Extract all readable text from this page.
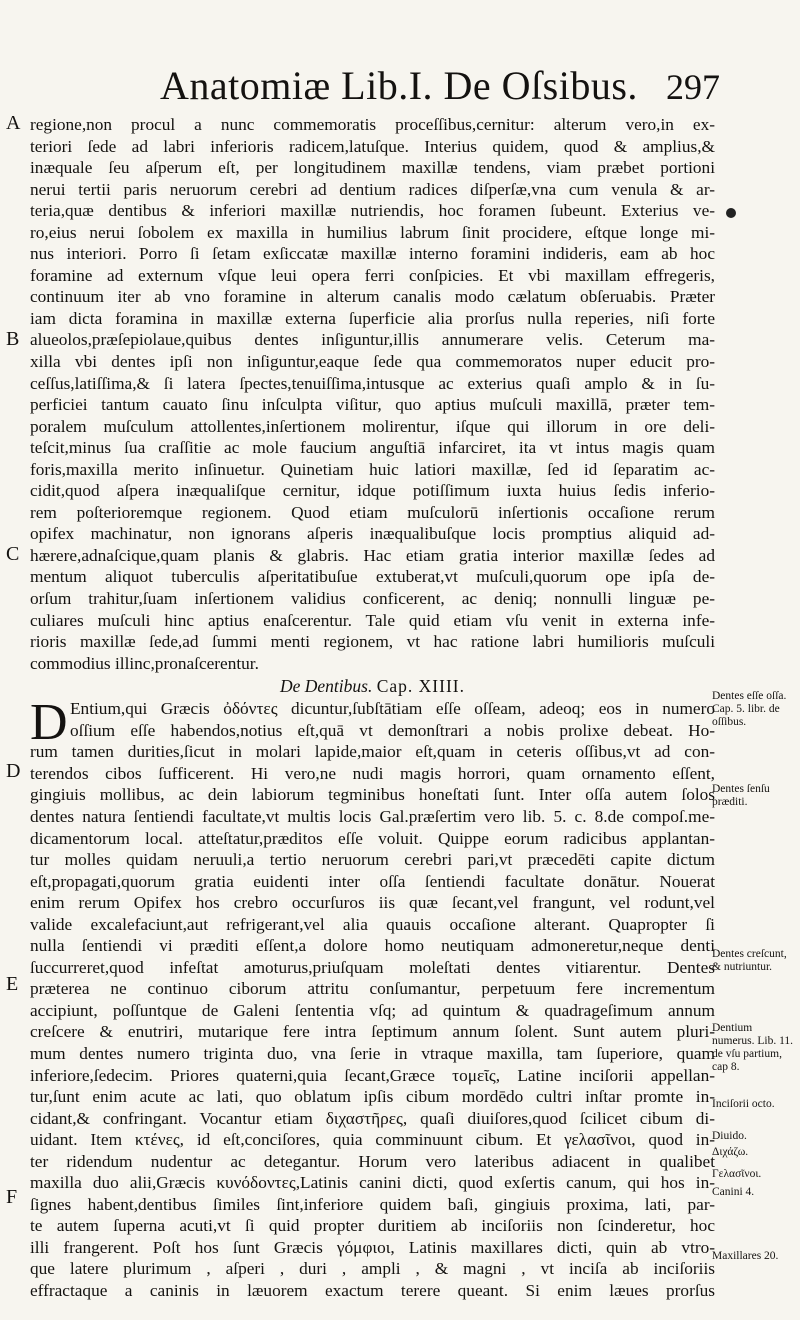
Anatomiæ Lib.I. De Oſsibus. 297
A
B
C
D
E
F
regione,non procul a nunc commemoratis proceſſibus,cernitur: alterum vero,in ex-
teriori ſede ad labri inferioris radicem,latuſque. Interius quidem, quod & amplius,&
inæquale ſeu aſperum eſt, per longitudinem maxillæ tendens, viam præbet portioni
nerui tertii paris neruorum cerebri ad dentium radices diſperſæ,vna cum venula & ar-
teria,quæ dentibus & inferiori maxillæ nutriendis, hoc foramen ſubeunt. Exterius ve-
ro,eius nerui ſobolem ex maxilla in humilius labrum ſinit procidere, eſtque longe mi-
nus interiori. Porro ſi ſetam exſiccatæ maxillæ interno foramini indideris, eam ab hoc
foramine ad externum vſque leui opera ferri conſpicies. Et vbi maxillam effregeris,
continuum iter ab vno foramine in alterum canalis modo cælatum obſeruabis. Præter
iam dicta foramina in maxillæ externa ſuperficie alia prorſus nulla reperies, niſi forte
alueolos,præſepiolaue,quibus dentes inſiguntur,illis annumerare velis. Ceterum ma-
xilla vbi dentes ipſi non inſiguntur,eaque ſede qua commemoratos nuper educit pro-
ceſſus,latiſſima,& ſi latera ſpectes,tenuiſſima,intusque ac exterius quaſi amplo & in ſu-
perficiei tantum cauato ſinu inſculpta viſitur, quo aptius muſculi maxillā, præter tem-
poralem muſculum attollentes,inſertionem molirentur, iſque qui illorum in ore deli-
teſcit,minus ſua craſſitie ac mole faucium anguſtiā infarciret, ita vt intus magis quam
foris,maxilla merito inſinuetur. Quinetiam huic latiori maxillæ, ſed id ſeparatim ac-
cidit,quod aſpera inæqualiſque cernitur, idque potiſſimum iuxta huius ſedis inferio-
rem poſterioremque regionem. Quod etiam muſculorū inſertionis occaſione rerum
opifex machinatur, non ignorans aſperis inæqualibuſque locis promptius aliquid ad-
hærere,adnaſcique,quam planis & glabris. Hac etiam gratia interior maxillæ ſedes ad
mentum aliquot tuberculis aſperitatibuſue extuberat,vt muſculi,quorum ope ipſa de-
orſum trahitur,ſuam inſertionem validius conficerent, ac deniq; nonnulli linguæ pe-
culiares muſculi hinc aptius enaſcerentur. Tale quid etiam vſu venit in externa infe-
rioris maxillæ ſede,ad ſummi menti regionem, vt hac ratione labri humilioris muſculi
commodius illinc,pronaſcerentur.
De Dentibus. Cap. XIIII.
D Entium,qui Græcis ὀδόντες dicuntur,ſubſtātiam eſſe oſſeam, adeoq; eos in numero
oſſium eſſe habendos,notius eſt,quā vt demonſtrari a nobis prolixe debeat. Ho-
rum tamen durities,ſicut in molari lapide,maior eſt,quam in ceteris oſſibus,vt ad con-
terendos cibos ſufficerent. Hi vero,ne nudi magis horrori, quam ornamento eſſent,
gingiuis mollibus, ac dein labiorum tegminibus honeſtati ſunt. Inter oſſa autem ſolos
dentes natura ſentiendi facultate,vt multis locis Gal.præſertim vero lib. 5. c. 8.de compoſ.me-
dicamentorum local. atteſtatur,præditos eſſe voluit. Quippe eorum radicibus applantan-
tur molles quidam neruuli,a tertio neruorum cerebri pari,vt præcedēti capite dictum
eſt,propagati,quorum gratia euidenti inter oſſa ſentiendi facultate donātur. Nouerat
enim rerum Opifex hos crebro occurſuros iis quæ ſecant,vel frangunt, vel rodunt,vel
valide excalefaciunt,aut refrigerant,vel alia quauis occaſione alterant. Quapropter ſi
nulla ſentiendi vi præditi eſſent,a dolore homo neutiquam admoneretur,neque denti
ſuccurreret,quod infeſtat amoturus,priuſquam moleſtati dentes vitiarentur. Dentes
præterea ne continuo ciborum attritu conſumantur, perpetuum fere incrementum
accipiunt, poſſuntque de Galeni ſententia vſq; ad quintum & quadrageſimum annum
creſcere & enutriri, mutarique fere intra ſeptimum annum ſolent. Sunt autem pluri-
mum dentes numero triginta duo, vna ſerie in vtraque maxilla, tam ſuperiore, quam
inferiore,ſedecim. Priores quaterni,quia ſecant,Græce τομεῖς, Latine inciſorii appellan-
tur,ſunt enim acute ac lati, quo oblatum ipſis cibum mordēdo cultri inſtar promte in-
cidant,& confringant. Vocantur etiam διχαστῆρες, quaſi diuiſores,quod ſcilicet cibum di-
uidant. Item κτένες, id eſt,conciſores, quia comminuunt cibum. Et γελασῖνοι, quod in-
ter ridendum nudentur ac detegantur. Horum vero lateribus adiacent in qualibet
maxilla duo alii,Græcis κυνόδοντες,Latinis canini dicti, quod exſertis canum, qui hos in-
ſignes habent,dentibus ſimiles ſint,inferiore quidem baſi, gingiuis proxima, lati, par-
te autem ſuperna acuti,vt ſi quid propter duritiem ab inciſoriis non ſcinderetur, hoc
illi frangerent. Poſt hos ſunt Græcis γόμφιοι, Latinis maxillares dicti, quin ab vtro-
que latere plurimum , aſperi , duri , ampli , & magni , vt inciſa ab inciſoriis
effractaque a caninis in læuorem exactum terere queant. Si enim læues prorſus
Dentes eſſe oſſa. Cap. 5. libr. de oſſibus.
Dentes ſenſu præditi.
Dentes creſcunt, & nutriuntur.
Dentium numerus. Lib. 11. de vſu partium, cap 8.
Inciſorii octo.
Diuido.
Διχάζω.
Γελασῖνοι.
Canini 4.
Maxillares 20.
